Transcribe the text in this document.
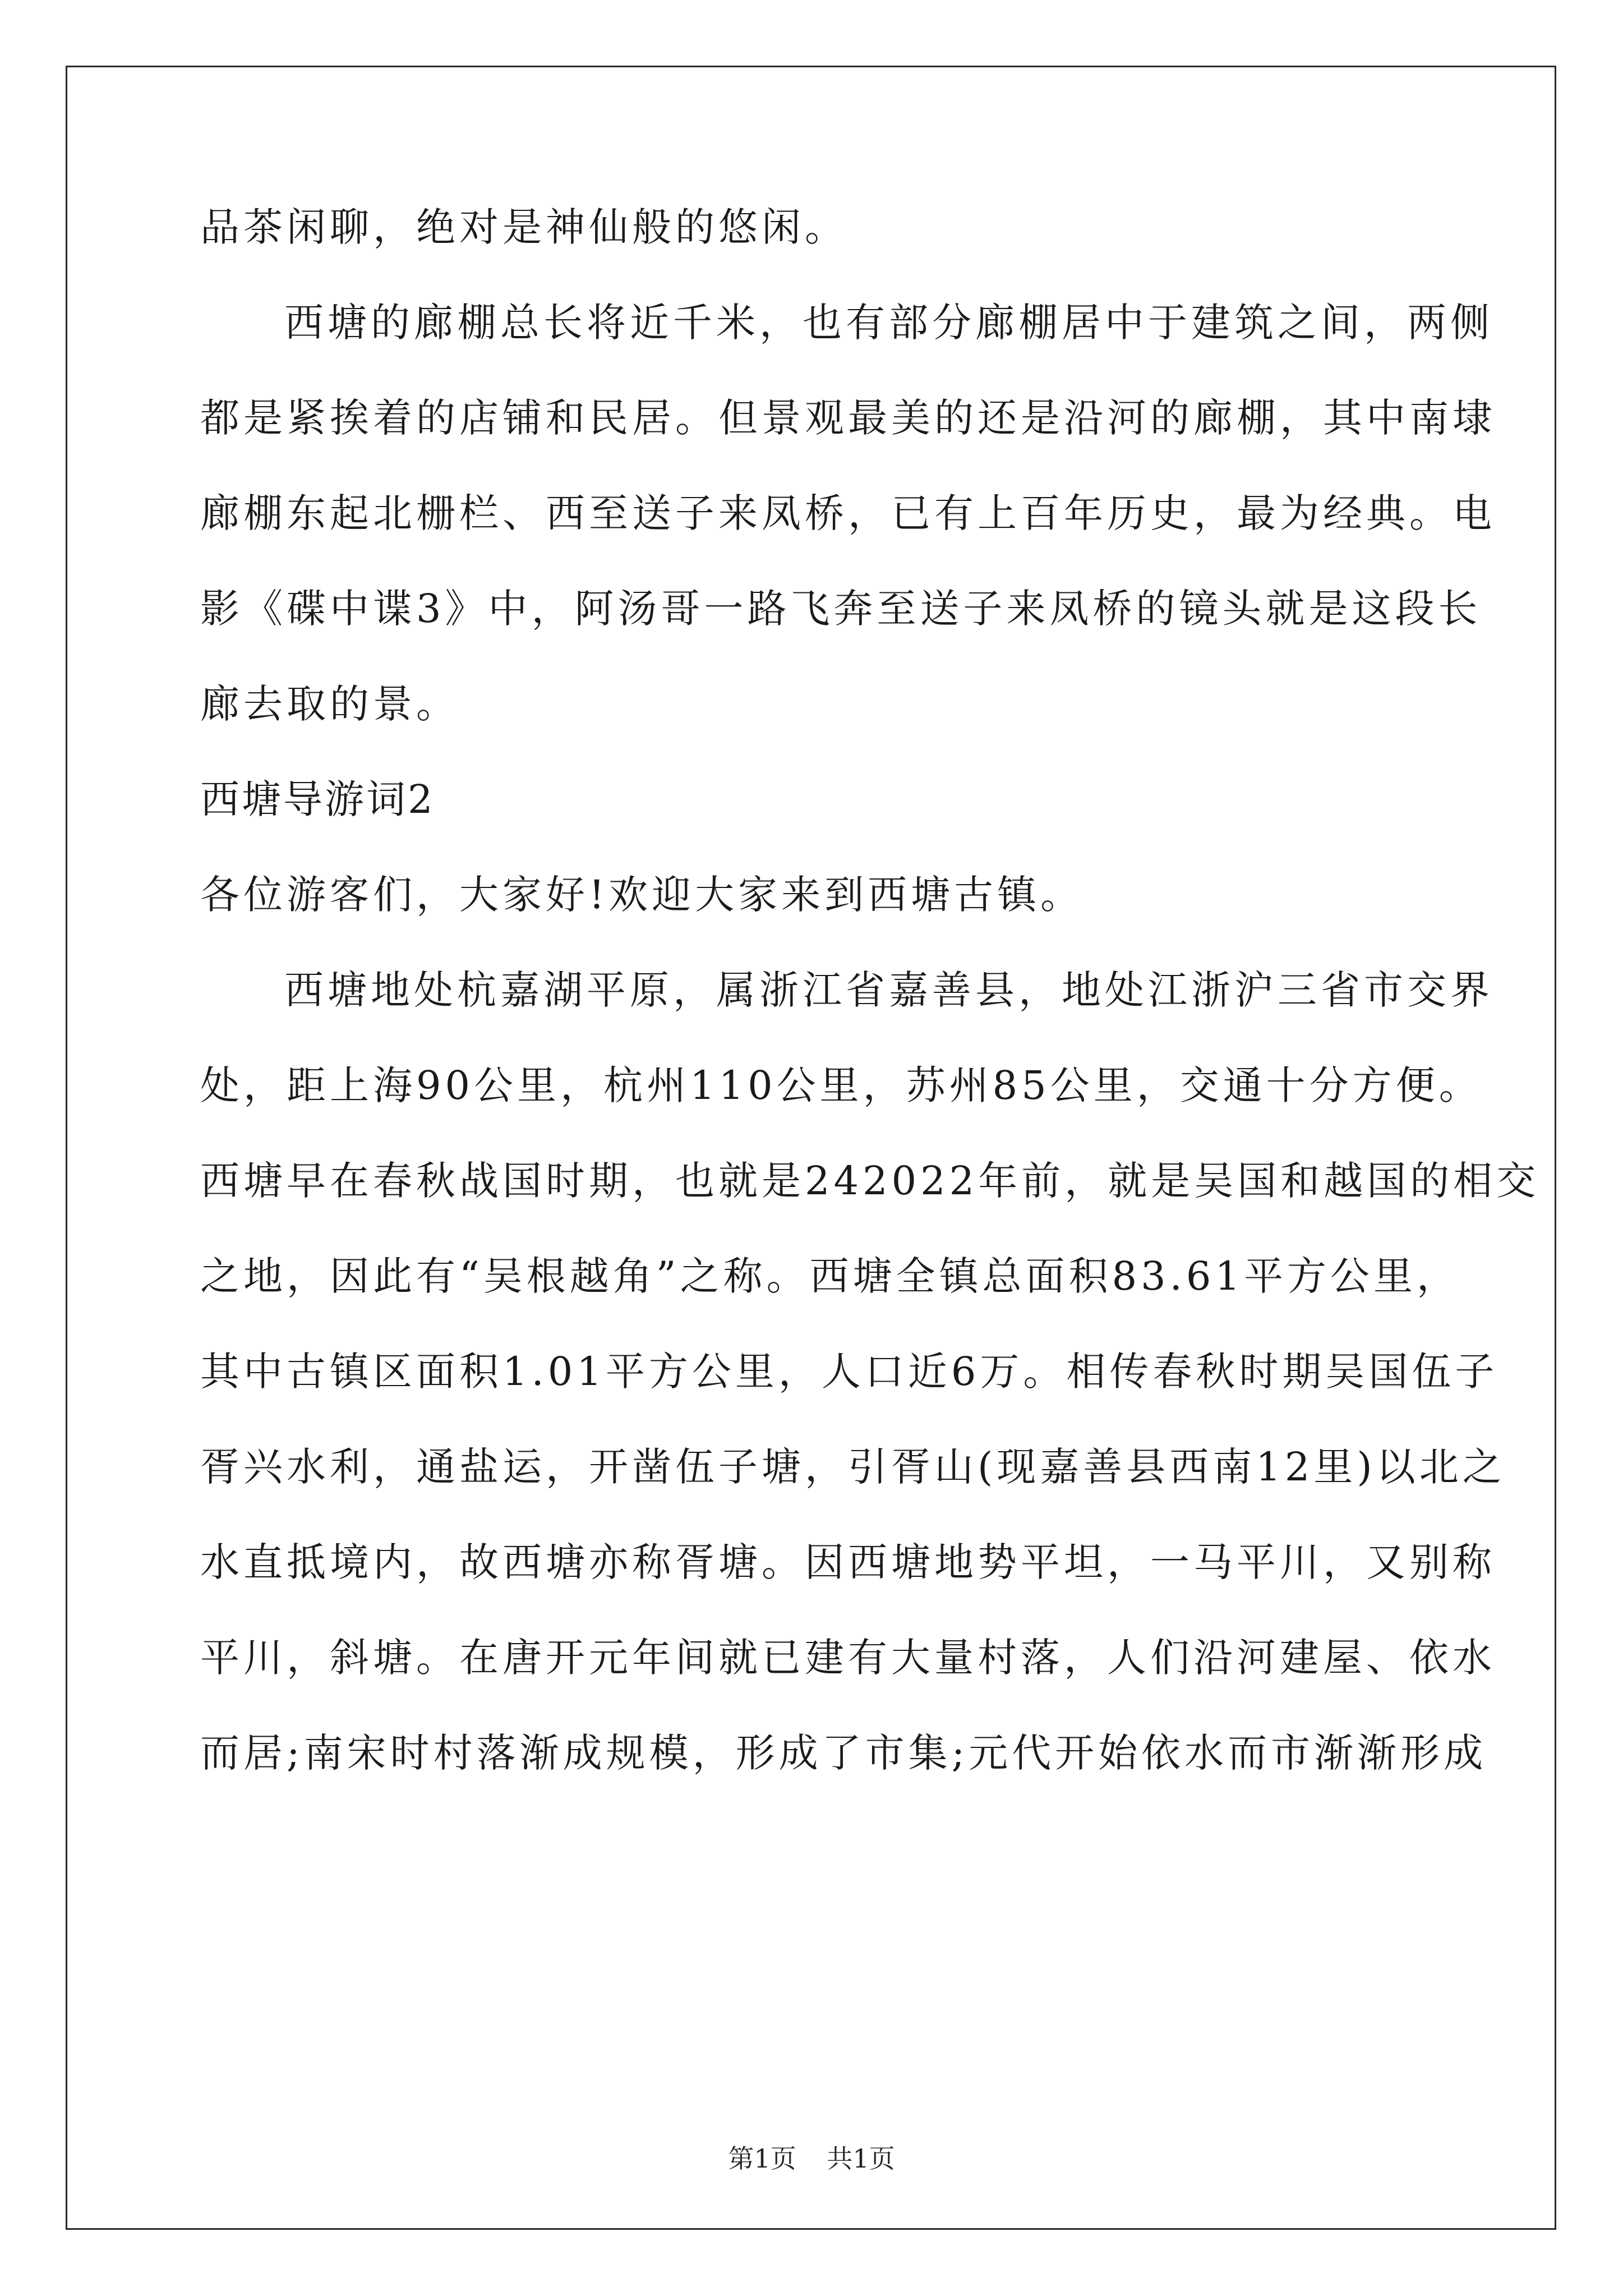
品茶闲聊，绝对是神仙般的悠闲。
西塘的廊棚总长将近千米，也有部分廊棚居中于建筑之间，两侧
都是紧挨着的店铺和民居。但景观最美的还是沿河的廊棚，其中南埭
廊棚东起北栅栏、西至送子来凤桥，已有上百年历史，最为经典。电
影《碟中谍3》中，阿汤哥一路飞奔至送子来凤桥的镜头就是这段长
廊去取的景。
西塘导游词2
各位游客们，大家好!欢迎大家来到西塘古镇。
西塘地处杭嘉湖平原，属浙江省嘉善县，地处江浙沪三省市交界
处，距上海90公里，杭州110公里，苏州85公里，交通十分方便。
西塘早在春秋战国时期，也就是242022年前，就是吴国和越国的相交
之地，因此有“吴根越角”之称。西塘全镇总面积83.61平方公里，
其中古镇区面积1.01平方公里，人口近6万。相传春秋时期吴国伍子
胥兴水利，通盐运，开凿伍子塘，引胥山(现嘉善县西南12里)以北之
水直抵境内，故西塘亦称胥塘。因西塘地势平坦，一马平川，又别称
平川，斜塘。在唐开元年间就已建有大量村落，人们沿河建屋、依水
而居;南宋时村落渐成规模，形成了市集;元代开始依水而市渐渐形成
第1页 共1页
